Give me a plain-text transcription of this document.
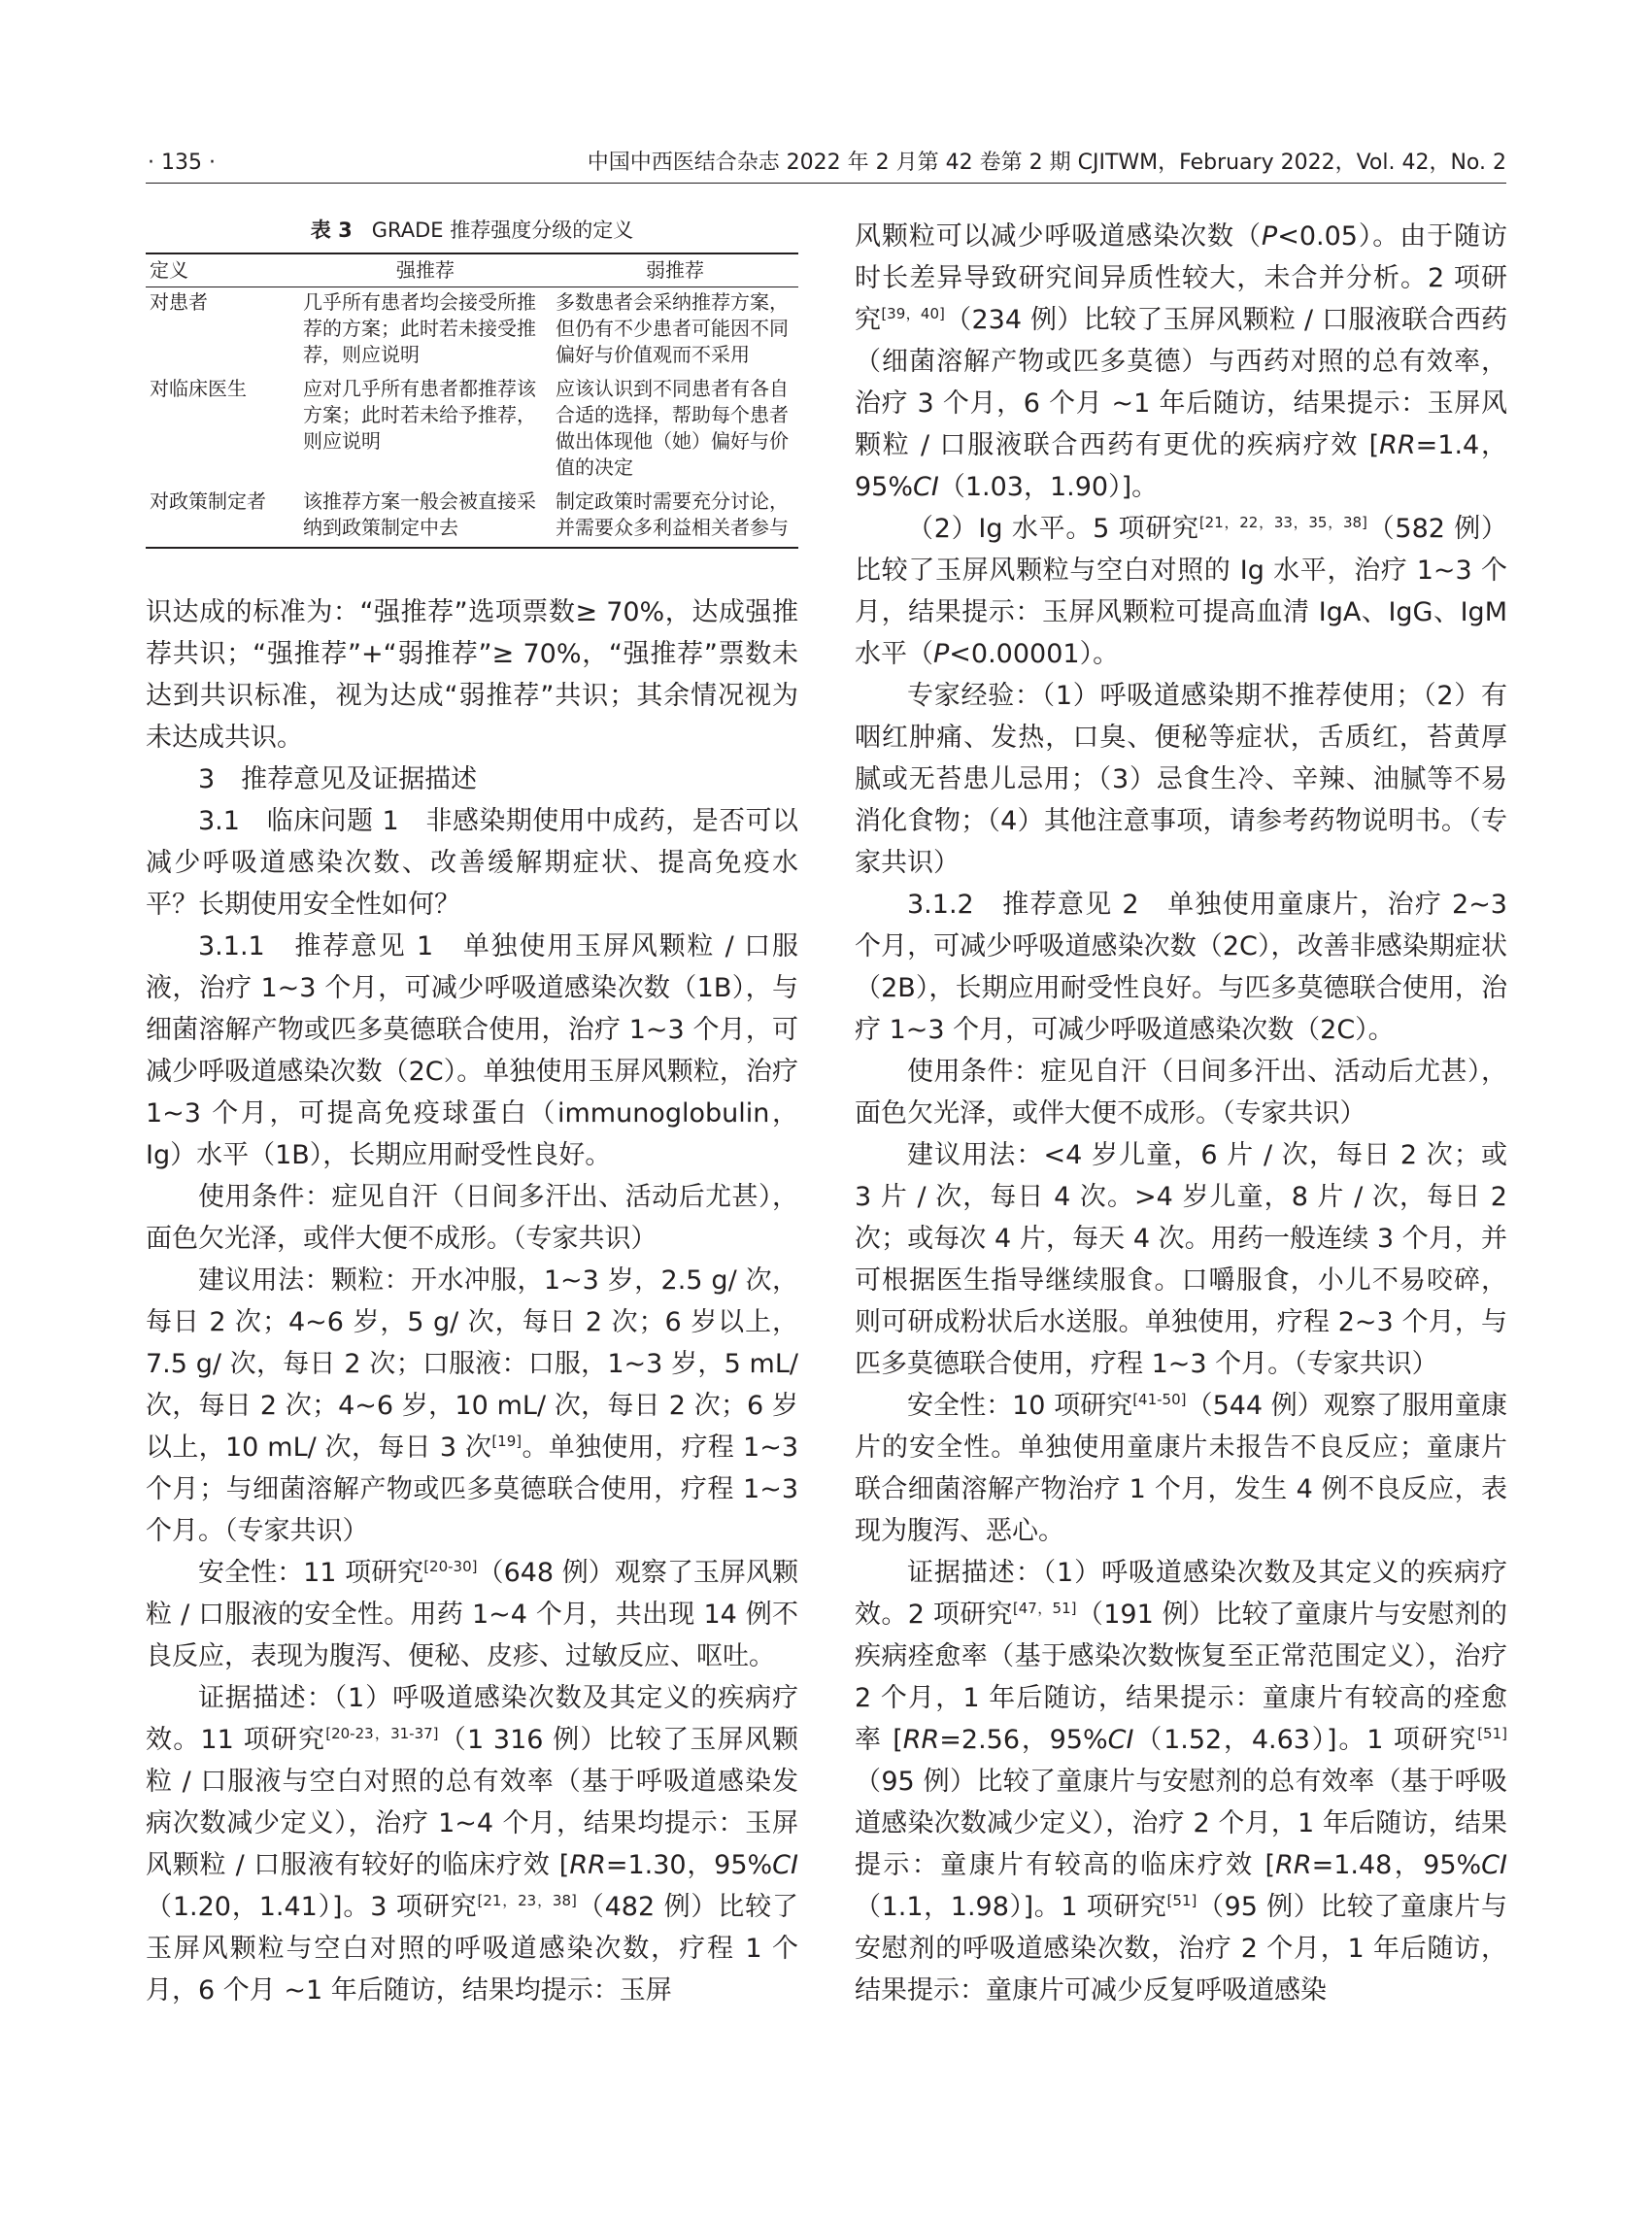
· 135 ·	中国中西医结合杂志 2022 年 2 月第 42 卷第 2 期 CJITWM，February 2022，Vol. 42，No. 2
表 3 GRADE 推荐强度分级的定义
定义	强推荐	弱推荐
对患者	几乎所有患者均会接受所推荐的方案；此时若未接受推荐，则应说明	多数患者会采纳推荐方案，但仍有不少患者可能因不同偏好与价值观而不采用
对临床医生	应对几乎所有患者都推荐该方案；此时若未给予推荐，则应说明	应该认识到不同患者有各自合适的选择，帮助每个患者做出体现他（她）偏好与价值的决定
对政策制定者	该推荐方案一般会被直接采纳到政策制定中去	制定政策时需要充分讨论，并需要众多利益相关者参与

识达成的标准为：“强推荐”选项票数≥ 70%，达成强推荐共识；“强推荐”+“弱推荐”≥ 70%，“强推荐”票数未达到共识标准，视为达成“弱推荐”共识；其余情况视为未达成共识。

3　推荐意见及证据描述

3.1　临床问题 1　非感染期使用中成药，是否可以减少呼吸道感染次数、改善缓解期症状、提高免疫水平？长期使用安全性如何？

3.1.1　推荐意见 1　单独使用玉屏风颗粒 / 口服液，治疗 1~3 个月，可减少呼吸道感染次数（1B），与细菌溶解产物或匹多莫德联合使用，治疗 1~3 个月，可减少呼吸道感染次数（2C）。单独使用玉屏风颗粒，治疗 1~3 个月，可提高免疫球蛋白（immunoglobulin，Ig）水平（1B），长期应用耐受性良好。

使用条件：症见自汗（日间多汗出、活动后尤甚），面色欠光泽，或伴大便不成形。（专家共识）

建议用法：颗粒：开水冲服，1~3 岁，2.5 g/ 次，每日 2 次；4~6 岁，5 g/ 次，每日 2 次；6 岁以上，7.5 g/ 次，每日 2 次；口服液：口服，1~3 岁，5 mL/ 次，每日 2 次；4~6 岁，10 mL/ 次，每日 2 次；6 岁以上，10 mL/ 次，每日 3 次[19]。单独使用，疗程 1~3 个月；与细菌溶解产物或匹多莫德联合使用，疗程 1~3 个月。（专家共识）

安全性：11 项研究[20-30]（648 例）观察了玉屏风颗粒 / 口服液的安全性。用药 1~4 个月，共出现 14 例不良反应，表现为腹泻、便秘、皮疹、过敏反应、呕吐。

证据描述：（1）呼吸道感染次数及其定义的疾病疗效。11 项研究[20-23，31-37]（1 316 例）比较了玉屏风颗粒 / 口服液与空白对照的总有效率（基于呼吸道感染发病次数减少定义），治疗 1~4 个月，结果均提示：玉屏风颗粒 / 口服液有较好的临床疗效 [RR=1.30，95%CI（1.20，1.41）]。3 项研究[21，23，38]（482 例）比较了玉屏风颗粒与空白对照的呼吸道感染次数，疗程 1 个月，6 个月 ~1 年后随访，结果均提示：玉屏

风颗粒可以减少呼吸道感染次数（P<0.05）。由于随访时长差异导致研究间异质性较大，未合并分析。2 项研究[39，40]（234 例）比较了玉屏风颗粒 / 口服液联合西药（细菌溶解产物或匹多莫德）与西药对照的总有效率，治疗 3 个月，6 个月 ~1 年后随访，结果提示：玉屏风颗粒 / 口服液联合西药有更优的疾病疗效 [RR=1.4，95%CI（1.03，1.90）]。

（2）Ig 水平。5 项研究[21，22，33，35，38]（582 例）比较了玉屏风颗粒与空白对照的 Ig 水平，治疗 1~3 个月，结果提示：玉屏风颗粒可提高血清 IgA、IgG、IgM 水平（P<0.00001）。

专家经验：（1）呼吸道感染期不推荐使用；（2）有咽红肿痛、发热，口臭、便秘等症状，舌质红，苔黄厚腻或无苔患儿忌用；（3）忌食生冷、辛辣、油腻等不易消化食物；（4）其他注意事项，请参考药物说明书。（专家共识）

3.1.2　推荐意见 2　单独使用童康片，治疗 2~3 个月，可减少呼吸道感染次数（2C），改善非感染期症状（2B），长期应用耐受性良好。与匹多莫德联合使用，治疗 1~3 个月，可减少呼吸道感染次数（2C）。

使用条件：症见自汗（日间多汗出、活动后尤甚），面色欠光泽，或伴大便不成形。（专家共识）

建议用法：<4 岁儿童，6 片 / 次，每日 2 次；或 3 片 / 次，每日 4 次。>4 岁儿童，8 片 / 次，每日 2 次；或每次 4 片，每天 4 次。用药一般连续 3 个月，并可根据医生指导继续服食。口嚼服食，小儿不易咬碎，则可研成粉状后水送服。单独使用，疗程 2~3 个月，与匹多莫德联合使用，疗程 1~3 个月。（专家共识）

安全性：10 项研究[41-50]（544 例）观察了服用童康片的安全性。单独使用童康片未报告不良反应；童康片联合细菌溶解产物治疗 1 个月，发生 4 例不良反应，表现为腹泻、恶心。

证据描述：（1）呼吸道感染次数及其定义的疾病疗效。2 项研究[47，51]（191 例）比较了童康片与安慰剂的疾病痊愈率（基于感染次数恢复至正常范围定义），治疗 2 个月，1 年后随访，结果提示：童康片有较高的痊愈率 [RR=2.56，95%CI（1.52，4.63）]。1 项研究[51]（95 例）比较了童康片与安慰剂的总有效率（基于呼吸道感染次数减少定义），治疗 2 个月，1 年后随访，结果提示：童康片有较高的临床疗效 [RR=1.48，95%CI（1.1，1.98）]。1 项研究[51]（95 例）比较了童康片与安慰剂的呼吸道感染次数，治疗 2 个月，1 年后随访，结果提示：童康片可减少反复呼吸道感染
